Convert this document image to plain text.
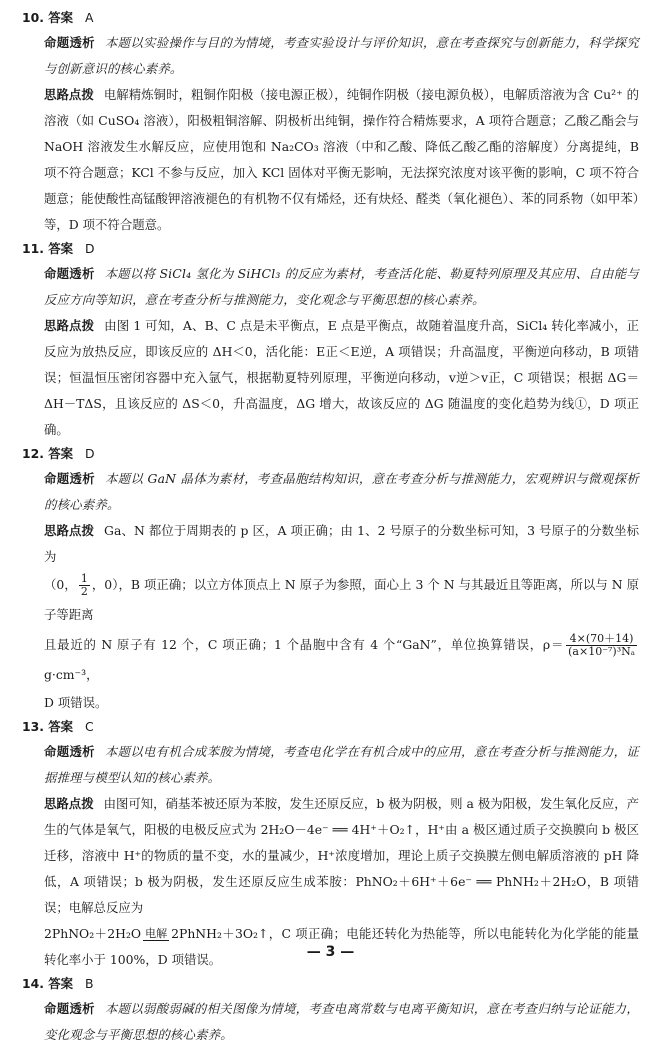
10. 答案 A
命题透析 本题以实验操作与目的为情境，考查实验设计与评价知识，意在考查探究与创新能力，科学探究与创新意识的核心素养。
思路点拨 电解精炼铜时，粗铜作阳极（接电源正极），纯铜作阴极（接电源负极），电解质溶液为含 Cu²⁺ 的溶液（如 CuSO₄ 溶液），阳极粗铜溶解、阴极析出纯铜，操作符合精炼要求，A 项符合题意；乙酸乙酯会与 NaOH 溶液发生水解反应，应使用饱和 Na₂CO₃ 溶液（中和乙酸、降低乙酸乙酯的溶解度）分离提纯，B 项不符合题意；KCl 不参与反应，加入 KCl 固体对平衡无影响，无法探究浓度对该平衡的影响，C 项不符合题意；能使酸性高锰酸钾溶液褪色的有机物不仅有烯烃，还有炔烃、醛类（氧化褪色）、苯的同系物（如甲苯）等，D 项不符合题意。
11. 答案 D
命题透析 本题以将 SiCl₄ 氢化为 SiHCl₃ 的反应为素材，考查活化能、勒夏特列原理及其应用、自由能与反应方向等知识，意在考查分析与推测能力，变化观念与平衡思想的核心素养。
思路点拨 由图 1 可知，A、B、C 点是未平衡点，E 点是平衡点，故随着温度升高，SiCl₄ 转化率减小，正反应为放热反应，即该反应的 ΔH＜0，活化能：E正＜E逆，A 项错误；升高温度，平衡逆向移动，B 项错误；恒温恒压密闭容器中充入氩气，根据勒夏特列原理，平衡逆向移动，v逆＞v正，C 项错误；根据 ΔG＝ΔH－TΔS，且该反应的 ΔS＜0，升高温度，ΔG 增大，故该反应的 ΔG 随温度的变化趋势为线①，D 项正确。
12. 答案 D
命题透析 本题以 GaN 晶体为素材，考查晶胞结构知识，意在考查分析与推测能力，宏观辨识与微观探析的核心素养。
思路点拨 Ga、N 都位于周期表的 p 区，A 项正确；由 1、2 号原子的分数坐标可知，3 号原子的分数坐标为
（0， $\frac{1}{2}$ ，0），B 项正确；以立方体顶点上 N 原子为参照，面心上 3 个 N 与其最近且等距离，所以与 N 原子等距离
且最近的 N 原子有 12 个，C 项正确；1 个晶胞中含有 4 个“GaN”，单位换算错误，$\rho= \frac{4\times(70+14)}{\text{(a×10⁻⁷)³Nₐ}}$
g·cm⁻³，
D 项错误。
13. 答案 C
命题透析 本题以电有机合成苯胺为情境，考查电化学在有机合成中的应用，意在考查分析与推测能力，证据推理与模型认知的核心素养。
思路点拨 由图可知，硝基苯被还原为苯胺，发生还原反应，b 极为阴极，则 a 极为阳极，发生氧化反应，产生的气体是氧气，阳极的电极反应式为 2H₂O－4e⁻ ══ 4H⁺＋O₂↑，H⁺由 a 极区通过质子交换膜向 b 极区迁移，溶液中 H⁺的物质的量不变，水的量减少，H⁺浓度增加，理论上质子交换膜左侧电解质溶液的 pH 降低，A 项错误；b 极为阴极，发生还原反应生成苯胺：PhNO₂＋6H⁺＋6e⁻ ══ PhNH₂＋2H₂O，B 项错误；电解总反应为
2PhNO₂＋2H₂O 电解 2PhNH₂＋3O₂↑，C 项正确；电能还转化为热能等，所以电能转化为化学能的能量转化率小于 100%，D 项错误。
14. 答案 B
命题透析 本题以弱酸弱碱的相关图像为情境，考查电离常数与电离平衡知识，意在考查归纳与论证能力，变化观念与平衡思想的核心素养。
— 3 —
